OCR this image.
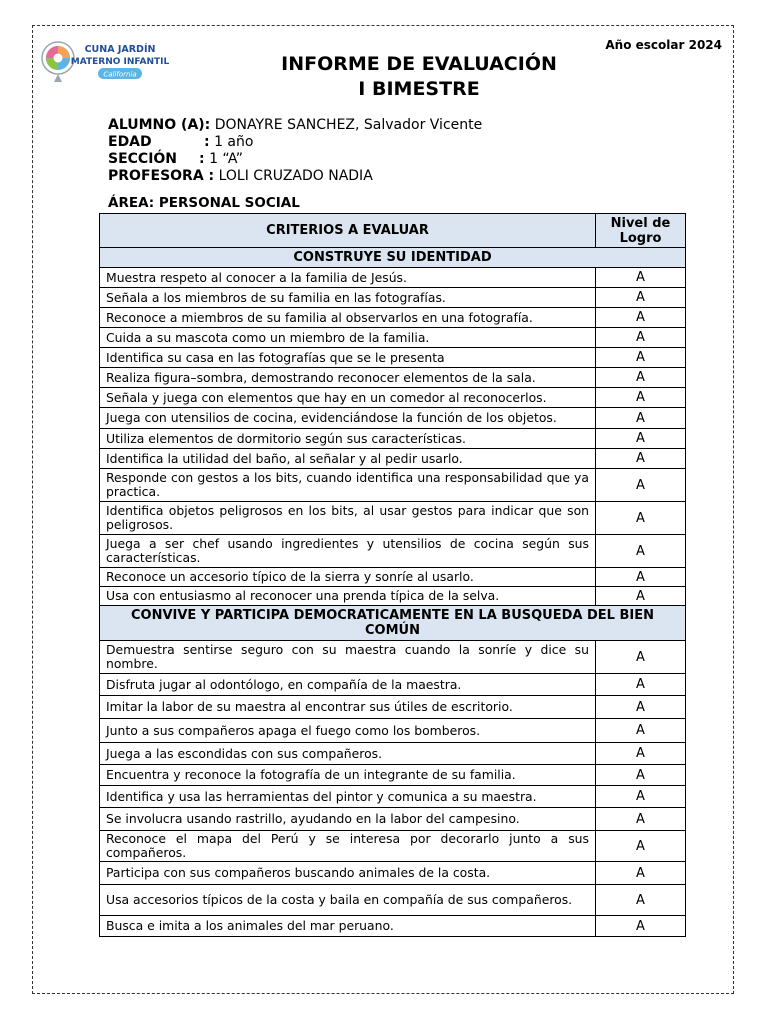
CUNA JARDÍN
MATERNO INFANTIL
California
Año escolar 2024
INFORME DE EVALUACIÓN
I BIMESTRE
ALUMNO (A): DONAYRE SANCHEZ, Salvador Vicente
EDAD	: 1 año
SECCIÓN : 1 “A”
PROFESORA : LOLI CRUZADO NADIA
ÁREA: PERSONAL SOCIAL
CRITERIOS A EVALUAR	Nivel de Logro
CONSTRUYE SU IDENTIDAD	
Muestra respeto al conocer a la familia de Jesús.	A
Señala a los miembros de su familia en las fotografías.	A
Reconoce a miembros de su familia al observarlos en una fotografía.	A
Cuida a su mascota como un miembro de la familia.	A
Identifica su casa en las fotografías que se le presenta	A
Realiza figura–sombra, demostrando reconocer elementos de la sala.	A
Señala y juega con elementos que hay en un comedor al reconocerlos.	A
Juega con utensilios de cocina, evidenciándose la función de los objetos.	A
Utiliza elementos de dormitorio según sus características.	A
Identifica la utilidad del baño, al señalar y al pedir usarlo.	A
Responde con gestos a los bits, cuando identifica una responsabilidad que ya practica.	A
Identifica objetos peligrosos en los bits, al usar gestos para indicar que son peligrosos.	A
Juega a ser chef usando ingredientes y utensilios de cocina según sus características.	A
Reconoce un accesorio típico de la sierra y sonríe al usarlo.	A
Usa con entusiasmo al reconocer una prenda típica de la selva.	A
CONVIVE Y PARTICIPA DEMOCRATICAMENTE EN LA BUSQUEDA DEL BIEN COMÚN	
Demuestra sentirse seguro con su maestra cuando la sonríe y dice su nombre.	A
Disfruta jugar al odontólogo, en compañía de la maestra.	A
Imitar la labor de su maestra al encontrar sus útiles de escritorio.	A
Junto a sus compañeros apaga el fuego como los bomberos.	A
Juega a las escondidas con sus compañeros.	A
Encuentra y reconoce la fotografía de un integrante de su familia.	A
Identifica y usa las herramientas del pintor y comunica a su maestra.	A
Se involucra usando rastrillo, ayudando en la labor del campesino.	A
Reconoce el mapa del Perú y se interesa por decorarlo junto a sus compañeros.	A
Participa con sus compañeros buscando animales de la costa.	A
Usa accesorios típicos de la costa y baila en compañía de sus compañeros.	A
Busca e imita a los animales del mar peruano.	A
